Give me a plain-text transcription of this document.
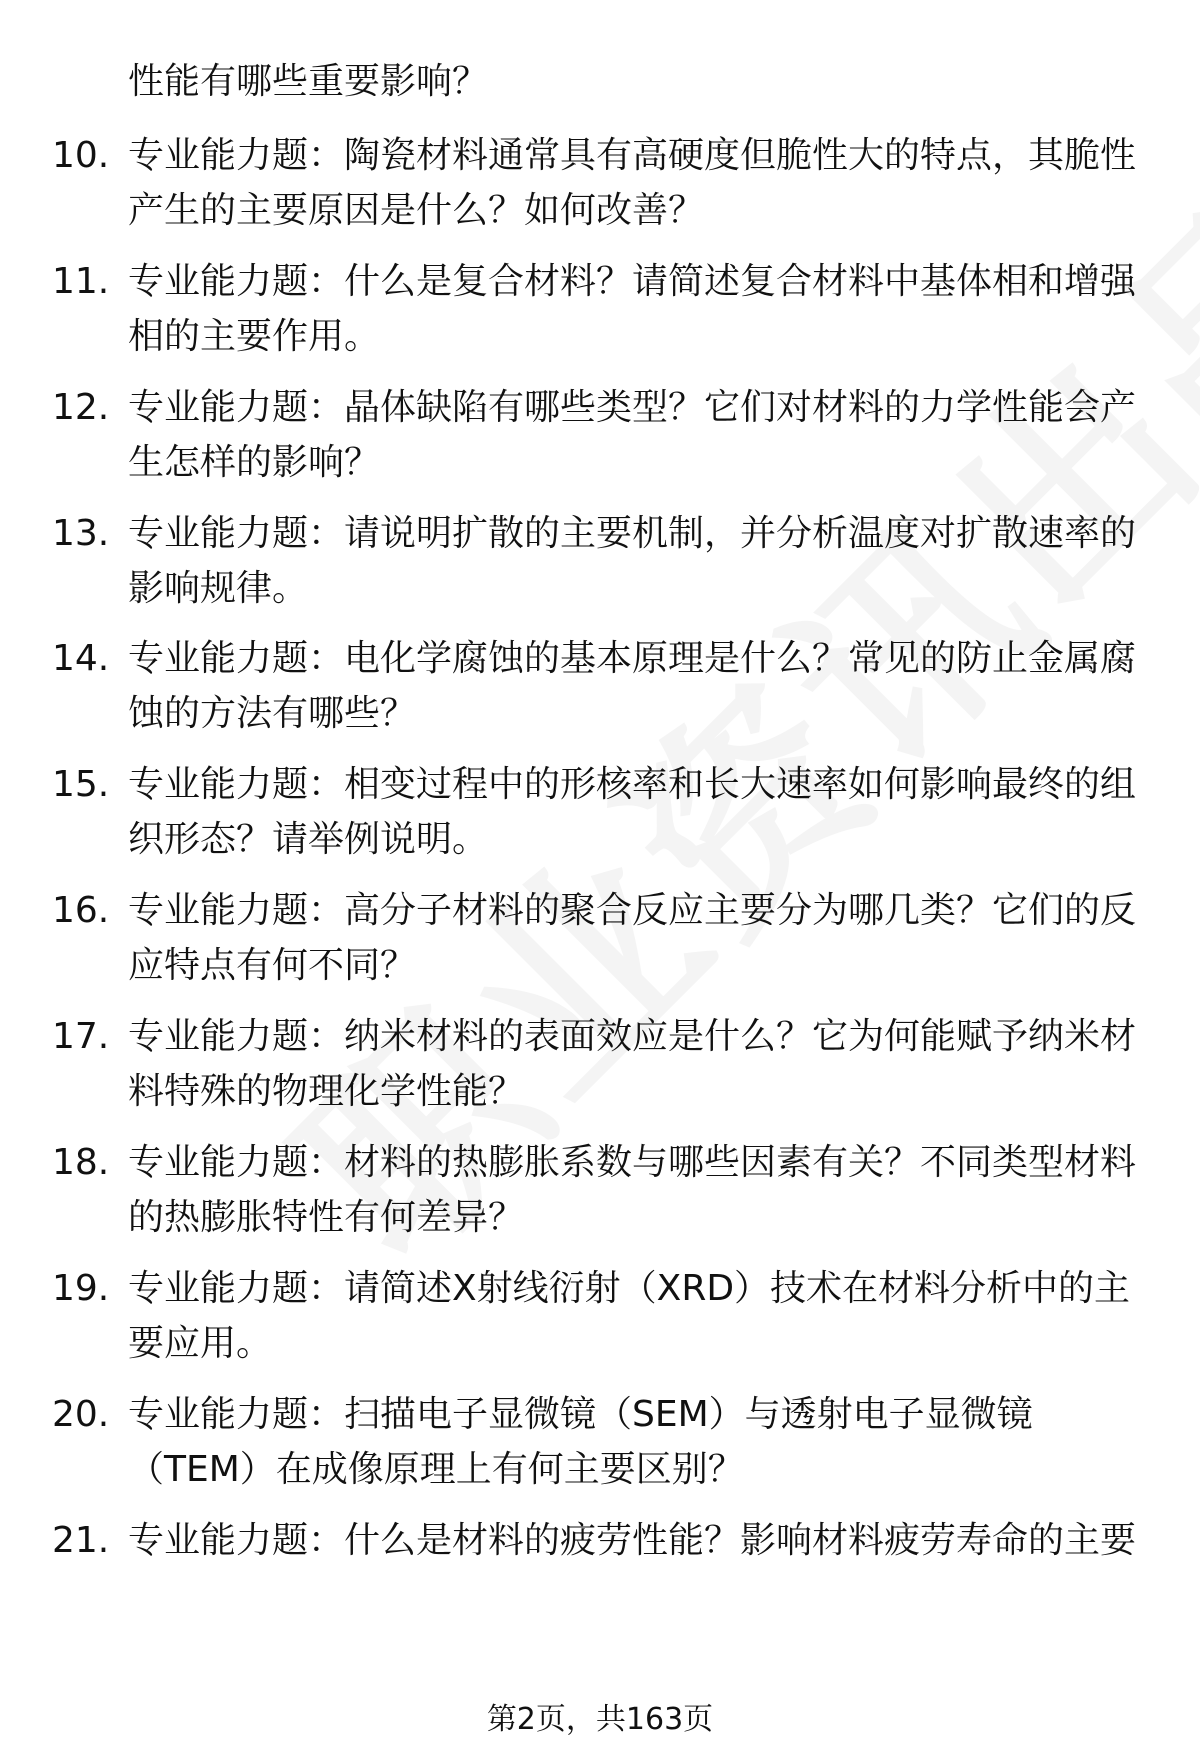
性能有哪些重要影响？
10. 专业能力题：陶瓷材料通常具有高硬度但脆性大的特点，其脆性产生的主要原因是什么？如何改善？
11. 专业能力题：什么是复合材料？请简述复合材料中基体相和增强相的主要作用。
12. 专业能力题：晶体缺陷有哪些类型？它们对材料的力学性能会产生怎样的影响？
13. 专业能力题：请说明扩散的主要机制，并分析温度对扩散速率的影响规律。
14. 专业能力题：电化学腐蚀的基本原理是什么？常见的防止金属腐蚀的方法有哪些？
15. 专业能力题：相变过程中的形核率和长大速率如何影响最终的组织形态？请举例说明。
16. 专业能力题：高分子材料的聚合反应主要分为哪几类？它们的反应特点有何不同？
17. 专业能力题：纳米材料的表面效应是什么？它为何能赋予纳米材料特殊的物理化学性能？
18. 专业能力题：材料的热膨胀系数与哪些因素有关？不同类型材料的热膨胀特性有何差异？
19. 专业能力题：请简述X射线衍射（XRD）技术在材料分析中的主要应用。
20. 专业能力题：扫描电子显微镜（SEM）与透射电子显微镜（TEM）在成像原理上有何主要区别？
21. 专业能力题：什么是材料的疲劳性能？影响材料疲劳寿命的主要
第2页，共163页
